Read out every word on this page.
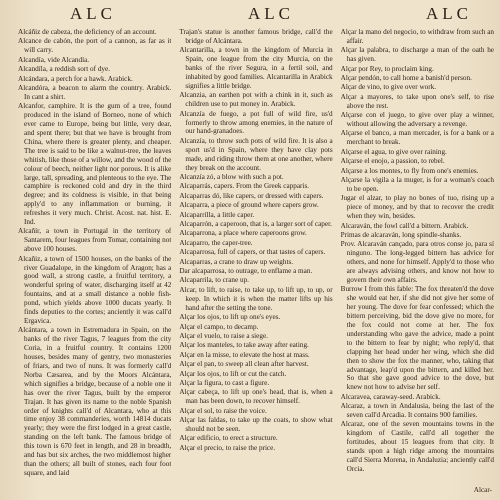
ALC	ALC	ALC

Alcáñiz de cabeza, the deficiency of an account.

Alcance de cabón, the port of a cannon, as far as it will carry.

Alcandía, vide Alcandía.

Alcandíla, a reddish sort of dye.

Alcándara, a perch for a hawk. Arabick.

Alcandóra, a beacon to alarm the country. Arabick. In cant a shirt.

Alcanfor, camphire. It is the gum of a tree, found produced in the island of Borneo, none of which ever came to Europe, being but little, very dear, and spent there; but that we have is brought from China, where there is greater plenty, and cheaper. The tree is said to be like a walnut-tree, the leaves whitish, like those of a willow, and the wood of the colour of beech, neither light nor porous. It is alike large, tall, spreading, and plenteous to the eye. The camphire is reckoned cold and dry in the third degree; and its coldness is visible, in that being apply'd to any inflammation or burning, it refreshes it very much. Christ. Acost. nat. hist. E. Ind.

Alcañír, a town in Portugal in the territory of Santarem, four leagues from Tomar, containing not above 100 houses.

Alcañiz, a town of 1500 houses, on the banks of the river Guadalope, in the kingdom of Aragon; has a good wall, a strong castle, a fruitful territory, a wonderful spring of water, discharging itself at 42 fountains, and at a small distance a noble fish-pond, which yields above 1000 ducats yearly. It finds deputies to the cortes; anciently it was call'd Ergavica.

Alcántara, a town in Estremadura in Spain, on the banks of the river Tagus, 7 leagues from the city Coria, in a fruitful country. It contains 1200 houses, besides many of gentry, two monasteries of friars, and two of nuns. It was formerly call'd Norba Cæsarea, and by the Moors Alcántara, which signifies a bridge, because of a noble one it has over the river Tagus, built by the emperor Trajan. It has given its name to the noble Spanish order of knights call'd of Alcantara, who at this time enjoy 38 commanderies, worth 14814 ducats yearly; they were the first lodged in a great castle, standing on the left bank. The famous bridge of this town is 670 feet in length, and 28 in breadth, and has but six arches, the two middlemost higher than the others; all built of stones, each four foot square, and laid

Trajan's statue is another famous bridge, call'd the bridge of Alcántara.

Alcantarilla, a town in the kingdom of Murcia in Spain, one league from the city Murcia, on the banks of the river Segura, in a fertil soil, and inhabited by good families. Alcantarilla in Arabick signifies a little bridge.

Alcanzia, an earthen pot with a chink in it, such as children use to put money in. Arabick.

Alcanzía de fuego, a pot full of wild fire, us'd formerly to throw among enemies, in the nature of our hand-granadoes.

Alcanzía, to throw such pots of wild fire. It is also a sport us'd in Spain, where they have clay pots made, and riding throw them at one another, where they break on the account.

Alcanzía zó, a blow with such a pot.

Alcaparrás, capers. From the Greek capparis.

Alcaparras dó, like capers, or dressed with capers.

Alcaparra, a piece of ground where capers grow.

Alcaparrílla, a little caper.

Alcaparrón, a caperoon, that is, a larger sort of caper.

Alcaparrona, a place where caperoons grow.

Alcaparro, the caper-tree.

Alcaparrosa, full of capers, or that tastes of capers.

Alcaparras, a crane to draw up weights.

Dar alcaparrosa, to outrage, to enflame a man.

Alcaparrila, to crane up.

Alcar, to lift, to raise, to take up, to lift up, to up, or keep. In which it is when the matter lifts up his hand after the setting the tone.

Alçar los ojos, to lift up one's eyes.

Alçar el campo, to decamp.

Alçar el vuelo, to raise a siege.

Alçar los manteles, to take away after eating.

Alçar en la misse, to elevate the host at mass.

Alçar el pan, to sweep all clean after harvest.

Alçar los ojos, to lift or cut the catch.

Alçar la figura, to cast a figure.

Alçar cabeça, to lift up one's head, that is, when a man has been down, to recover himself.

Alçar el sol, to raise the voice.

Alçar las faldas, to take up the coats, to show what should not be seen.

Alçar edificio, to erect a structure.

Alçar el precio, to raise the price.

Alçar la mano del negocio, to withdraw from such an affair.

Alçar la palabra, to discharge a man of the oath he has given.

Alçar por Rey, to proclaim king.

Alçar pendón, to call home a banish'd person.

Alçar de vino, to give over work.

Alçar a mayores, to take upon one's self, to rise above the rest.

Alçarse con el juego, to give over play a winner, without allowing the adversary a revenge.

Alçarse el banco, a man mercader, is for a bank or a merchant to break.

Alçarse el agua, to give over raining.

Alçarse el enojo, a passion, to rebel.

Alçarse a los montes, to fly from one's enemies.

Alçarse la vigila a la muger, is for a woman's coach to be open.

Jugar el alzar, to play no bones of tuo, rising up a piece of money, and by that to recover the credit when they win, besides.

Alcaraván, the fowl call'd a bittern. Arabick.

Primas de alcaraván, long spindle-shanks.

Prov. Alcaraván cançado, para otros conse jo, para sí ninguno. The long-legged bittern has advice for others, and none for himself. Apply'd to those who are always advising others, and know not how to govern their own affairs.

Burrow I from this fable: The fox threaten'd the dove she would eat her, if she did not give her some of her young. The dove for fear confessed; which the bittern perceiving, bid the dove give no more, for the fox could not come at her. The fox understanding who gave the advice, made a point to the bittern to fear by night; who reply'd, that clapping her head under her wing, which she did then to show the fox the manner, who, taking that advantage, leap'd upon the bittern, and killed her. So that she gave good advice to the dove, but knew not how to advise her self.

Alcaravea, caraway-seed. Arabick.

Alcaraz, a town in Andalusia, being the last of the seven call'd Arcadia. It contains 900 families.

Alcaraz, one of the seven mountains towns in the kingdom of Castile, call'd all together the fortitudes, about 15 leagues from that city. It stands upon a high ridge among the mountains call'd Sierra Morena, in Andaluzia; anciently call'd Orcia.

Alcar-
